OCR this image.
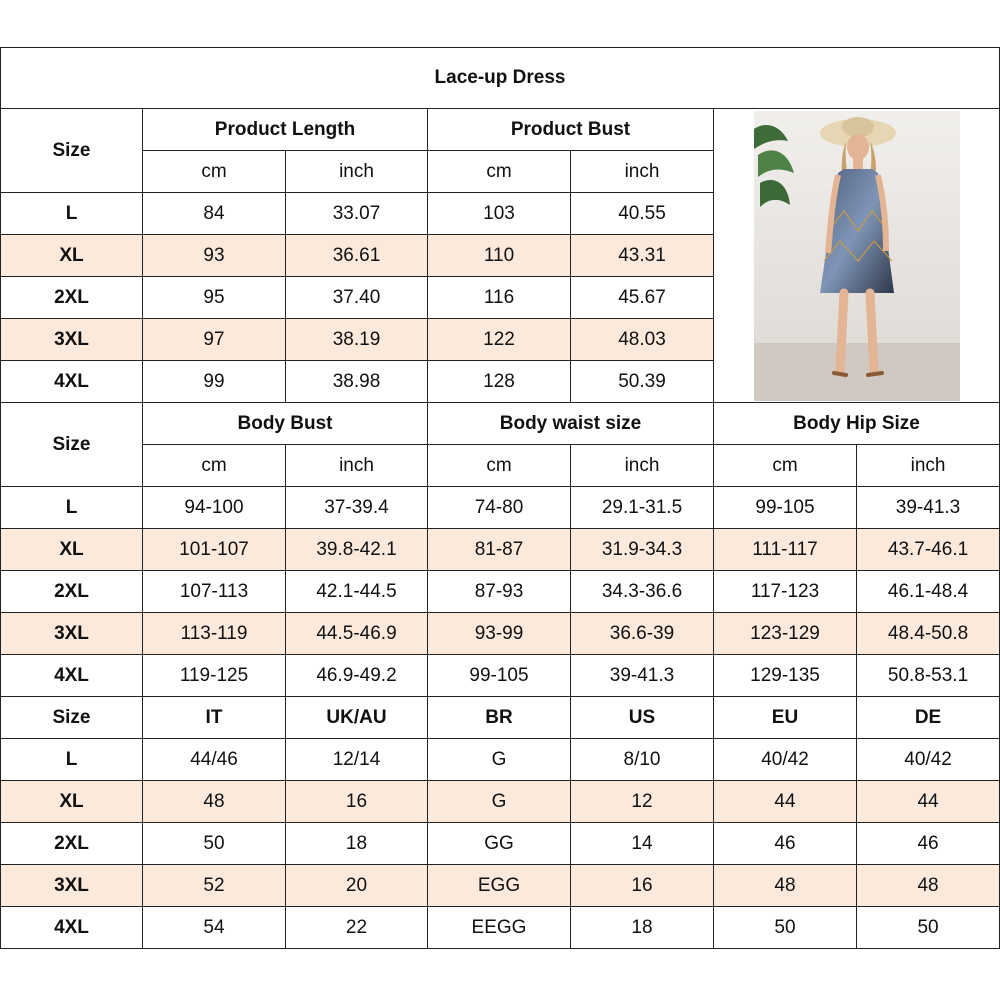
Lace-up Dress						
Size	Product Length		Product Bust	

	cm	inch	cm	inch		
L	84	33.07	103	40.55		
XL	93	36.61	110	43.31		
2XL	95	37.40	116	45.67		
3XL	97	38.19	122	48.03		
4XL	99	38.98	128	50.39		
Size	Body Bust		Body waist size		Body Hip Size	
	cm	inch	cm	inch	cm	inch
L	94-100	37-39.4	74-80	29.1-31.5	99-105	39-41.3
XL	101-107	39.8-42.1	81-87	31.9-34.3	111-117	43.7-46.1
2XL	107-113	42.1-44.5	87-93	34.3-36.6	117-123	46.1-48.4
3XL	113-119	44.5-46.9	93-99	36.6-39	123-129	48.4-50.8
4XL	119-125	46.9-49.2	99-105	39-41.3	129-135	50.8-53.1
Size	IT	UK/AU	BR	US	EU	DE
L	44/46	12/14	G	8/10	40/42	40/42
XL	48	16	G	12	44	44
2XL	50	18	GG	14	46	46
3XL	52	20	EGG	16	48	48
4XL	54	22	EEGG	18	50	50
